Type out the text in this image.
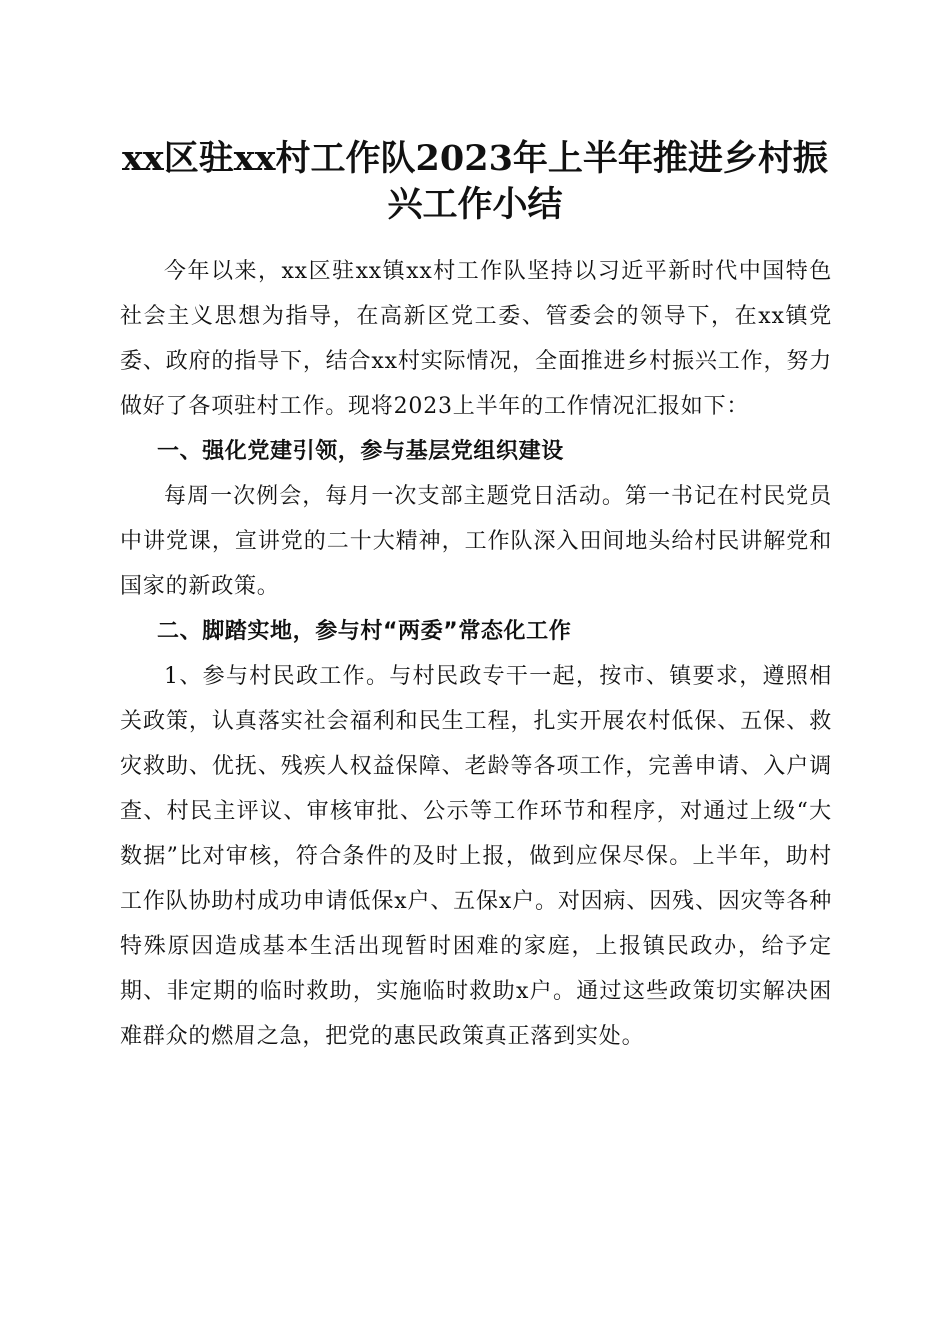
xx区驻xx村工作队2023年上半年推进乡村振
兴工作小结

今年以来，xx区驻xx镇xx村工作队坚持以习近平新时代中国特色社会主义思想为指导，在高新区党工委、管委会的领导下，在xx镇党委、政府的指导下，结合xx村实际情况，全面推进乡村振兴工作，努力做好了各项驻村工作。现将2023上半年的工作情况汇报如下：

一、强化党建引领，参与基层党组织建设

每周一次例会，每月一次支部主题党日活动。第一书记在村民党员中讲党课，宣讲党的二十大精神，工作队深入田间地头给村民讲解党和国家的新政策。

二、脚踏实地，参与村“两委”常态化工作

1、参与村民政工作。与村民政专干一起，按市、镇要求，遵照相关政策，认真落实社会福利和民生工程，扎实开展农村低保、五保、救灾救助、优抚、残疾人权益保障、老龄等各项工作，完善申请、入户调查、村民主评议、审核审批、公示等工作环节和程序，对通过上级“大数据”比对审核，符合条件的及时上报，做到应保尽保。上半年，助村工作队协助村成功申请低保x户、五保x户。对因病、因残、因灾等各种特殊原因造成基本生活出现暂时困难的家庭，上报镇民政办，给予定期、非定期的临时救助，实施临时救助x户。通过这些政策切实解决困难群众的燃眉之急，把党的惠民政策真正落到实处。
